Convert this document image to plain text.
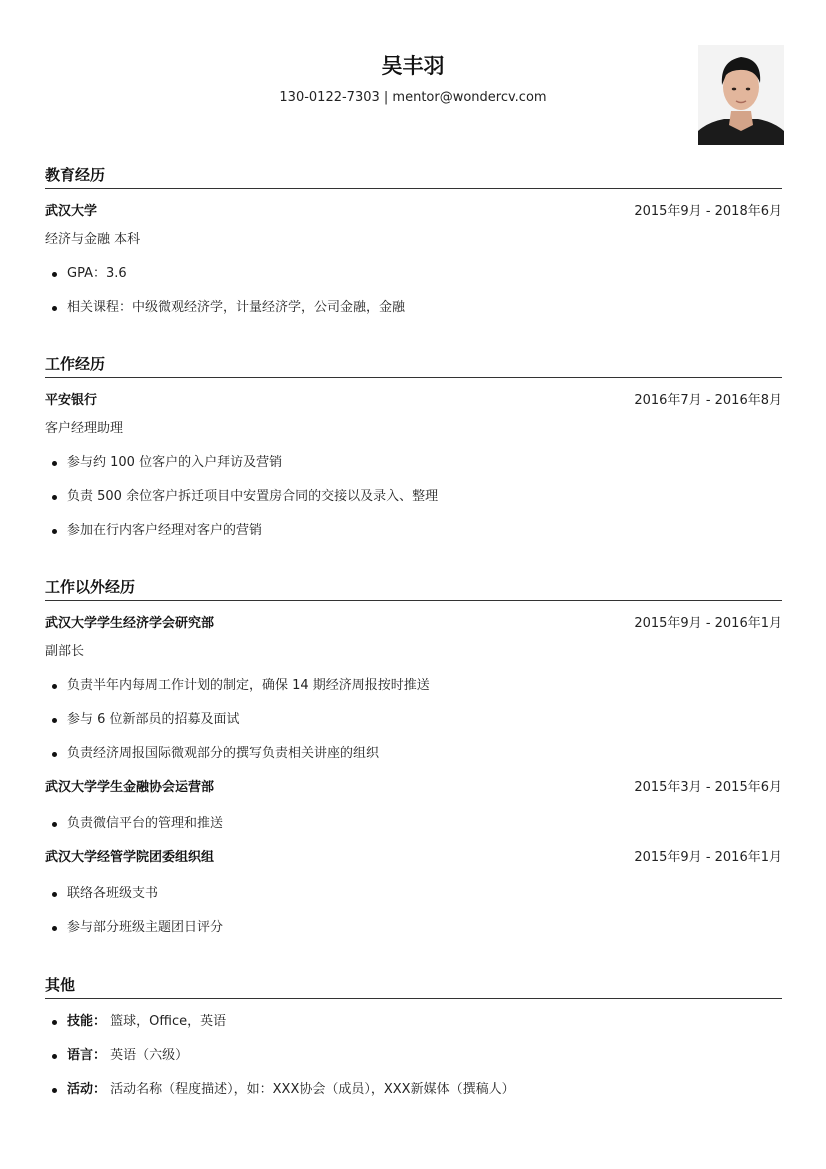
吴丰羽
130-0122-7303 | mentor@wondercv.com
教育经历
武汉大学	2015年9月 - 2018年6月
经济与金融 本科
GPA：3.6
相关课程：中级微观经济学，计量经济学，公司金融，金融
工作经历
平安银行	2016年7月 - 2016年8月
客户经理助理
参与约 100 位客户的入户拜访及营销
负责 500 余位客户拆迁项目中安置房合同的交接以及录入、整理
参加在行内客户经理对客户的营销
工作以外经历
武汉大学学生经济学会研究部	2015年9月 - 2016年1月
副部长
负责半年内每周工作计划的制定，确保 14 期经济周报按时推送
参与 6 位新部员的招募及面试
负责经济周报国际微观部分的撰写负责相关讲座的组织
武汉大学学生金融协会运营部	2015年3月 - 2015年6月
负责微信平台的管理和推送
武汉大学经管学院团委组织组	2015年9月 - 2016年1月
联络各班级支书
参与部分班级主题团日评分
其他
技能： 篮球，Office，英语
语言： 英语（六级）
活动： 活动名称（程度描述），如：XXX协会（成员），XXX新媒体（撰稿人）
